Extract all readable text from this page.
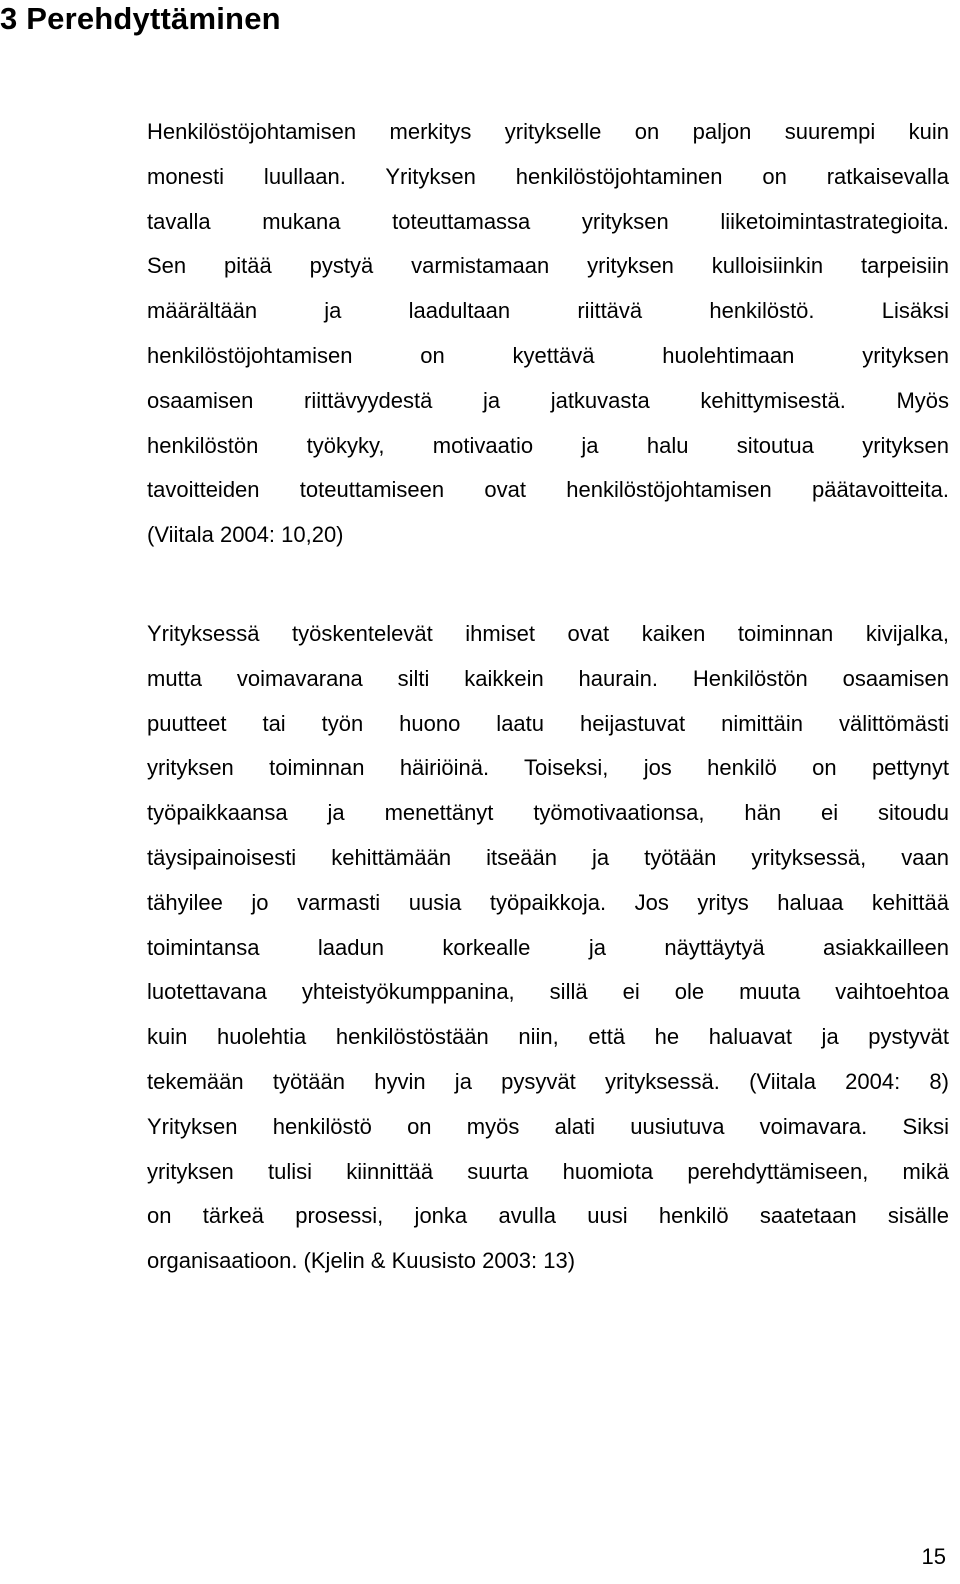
3 Perehdyttäminen
Henkilöstöjohtamisen merkitys yritykselle on paljon suurempi kuin
monesti luullaan. Yrityksen henkilöstöjohtaminen on ratkaisevalla
tavalla mukana toteuttamassa yrityksen liiketoimintastrategioita.
Sen pitää pystyä varmistamaan yrityksen kulloisiinkin tarpeisiin
määrältään ja laadultaan riittävä henkilöstö. Lisäksi
henkilöstöjohtamisen on kyettävä huolehtimaan yrityksen
osaamisen riittävyydestä ja jatkuvasta kehittymisestä. Myös
henkilöstön työkyky, motivaatio ja halu sitoutua yrityksen
tavoitteiden toteuttamiseen ovat henkilöstöjohtamisen päätavoitteita.
(Viitala 2004: 10,20)
Yrityksessä työskentelevät ihmiset ovat kaiken toiminnan kivijalka,
mutta voimavarana silti kaikkein haurain. Henkilöstön osaamisen
puutteet tai työn huono laatu heijastuvat nimittäin välittömästi
yrityksen toiminnan häiriöinä. Toiseksi, jos henkilö on pettynyt
työpaikkaansa ja menettänyt työmotivaationsa, hän ei sitoudu
täysipainoisesti kehittämään itseään ja työtään yrityksessä, vaan
tähyilee jo varmasti uusia työpaikkoja. Jos yritys haluaa kehittää
toimintansa laadun korkealle ja näyttäytyä asiakkailleen
luotettavana yhteistyökumppanina, sillä ei ole muuta vaihtoehtoa
kuin huolehtia henkilöstöstään niin, että he haluavat ja pystyvät
tekemään työtään hyvin ja pysyvät yrityksessä. (Viitala 2004: 8)
Yrityksen henkilöstö on myös alati uusiutuva voimavara. Siksi
yrityksen tulisi kiinnittää suurta huomiota perehdyttämiseen, mikä
on tärkeä prosessi, jonka avulla uusi henkilö saatetaan sisälle
organisaatioon. (Kjelin & Kuusisto 2003: 13)
15
